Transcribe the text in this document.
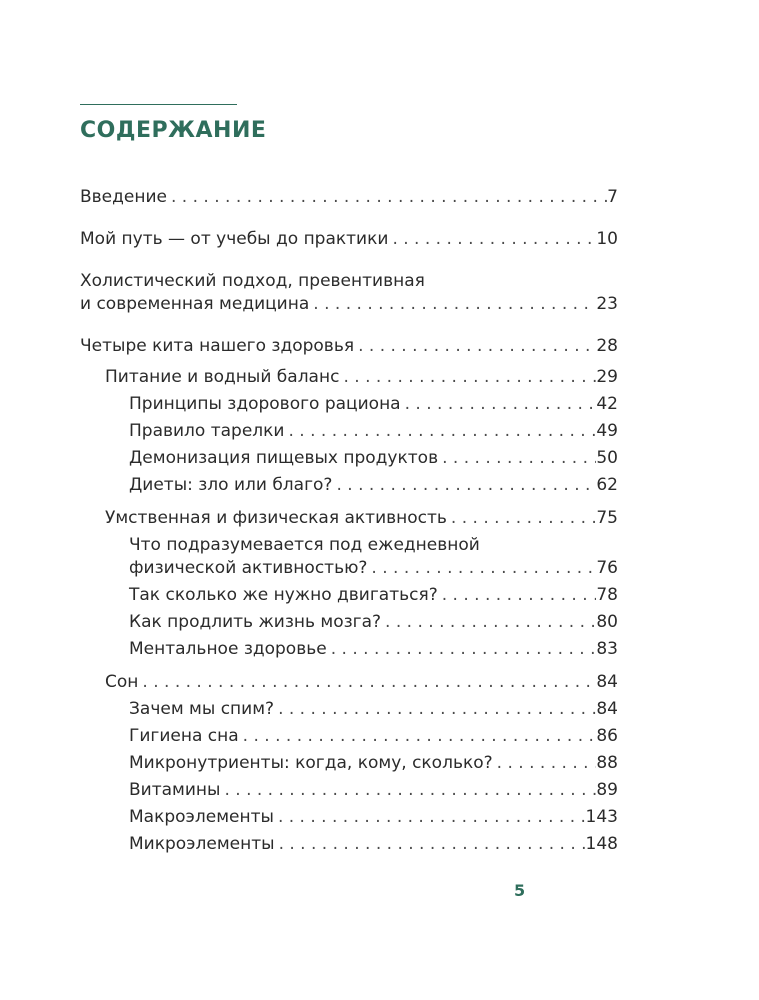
СОДЕРЖАНИЕ
Введение . . .	7
Мой путь — от учебы до практики . . .	10
Холистический подход, превентивная
и современная медицина . . .	23
Четыре кита нашего здоровья . . .	28
Питание и водный баланс . . .	29
Принципы здорового рациона . . .	42
Правило тарелки . . .	49
Демонизация пищевых продуктов . . .	50
Диеты: зло или благо? . . .	62
Умственная и физическая активность . . .	75
Что подразумевается под ежедневной
физической активностью? . . .	76
Так сколько же нужно двигаться? . . .	78
Как продлить жизнь мозга? . . .	80
Ментальное здоровье . . .	83
Сон . . .	84
Зачем мы спим? . . .	84
Гигиена сна . . .	86
Микронутриенты: когда, кому, сколько? . . .	88
Витамины . . .	89
Макроэлементы . . .	143
Микроэлементы . . .	148
5
